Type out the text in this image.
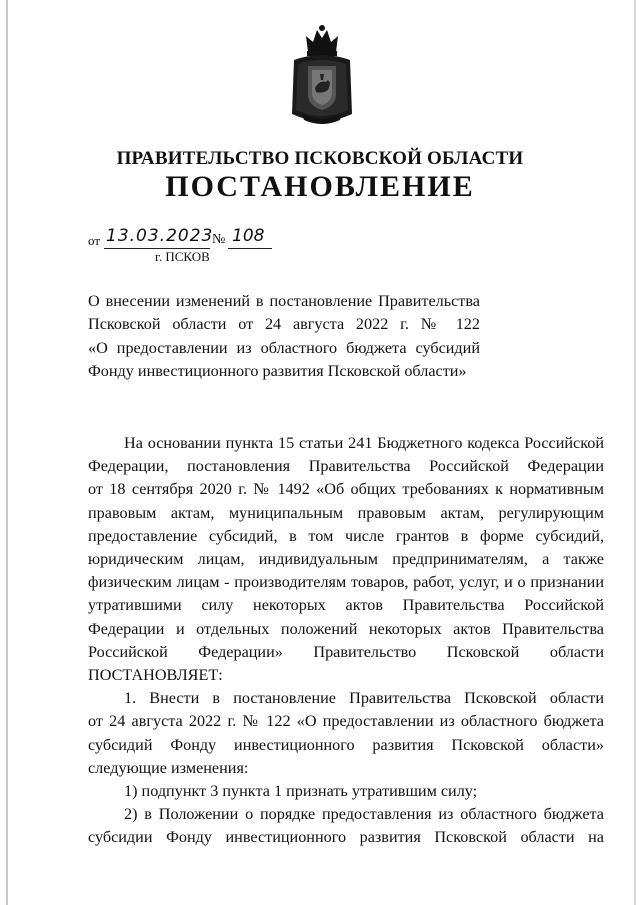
ПРАВИТЕЛЬСТВО ПСКОВСКОЙ ОБЛАСТИ
ПОСТАНОВЛЕНИЕ
от 13.03.2023
№ 108
г. ПСКОВ
О внесении изменений в постановление Правительства
Псковской области от 24 августа 2022 г. № 122
«О предоставлении из областного бюджета субсидий
Фонду инвестиционного развития Псковской области»
На основании пункта 15 статьи 241 Бюджетного кодекса Российской
Федерации, постановления Правительства Российской Федерации
от 18 сентября 2020 г. № 1492 «Об общих требованиях к нормативным
правовым актам, муниципальным правовым актам, регулирующим
предоставление субсидий, в том числе грантов в форме субсидий,
юридическим лицам, индивидуальным предпринимателям, а также
физическим лицам - производителям товаров, работ, услуг, и о признании
утратившими силу некоторых актов Правительства Российской
Федерации и отдельных положений некоторых актов Правительства
Российской Федерации» Правительство Псковской области
ПОСТАНОВЛЯЕТ:
1. Внести в постановление Правительства Псковской области
от 24 августа 2022 г. № 122 «О предоставлении из областного бюджета
субсидий Фонду инвестиционного развития Псковской области»
следующие изменения:
1) подпункт 3 пункта 1 признать утратившим силу;
2) в Положении о порядке предоставления из областного бюджета
субсидии Фонду инвестиционного развития Псковской области на
